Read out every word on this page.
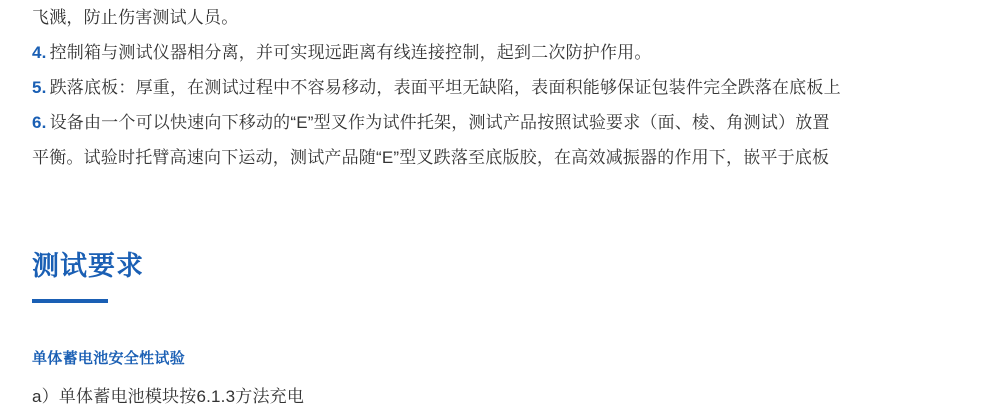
飞溅，防止伤害测试人员。

4. 控制箱与测试仪器相分离，并可实现远距离有线连接控制，起到二次防护作用。

5. 跌落底板：厚重，在测试过程中不容易移动，表面平坦无缺陷，表面积能够保证包装件完全跌落在底板上

6. 设备由一个可以快速向下移动的“E”型叉作为试件托架，测试产品按照试验要求（面、棱、角测试）放置

平衡。试验时托臂高速向下运动，测试产品随“E”型叉跌落至底版胶，在高效减振器的作用下，嵌平于底板

测试要求
单体蓄电池安全性试验

a）单体蓄电池模块按6.1.3方法充电
